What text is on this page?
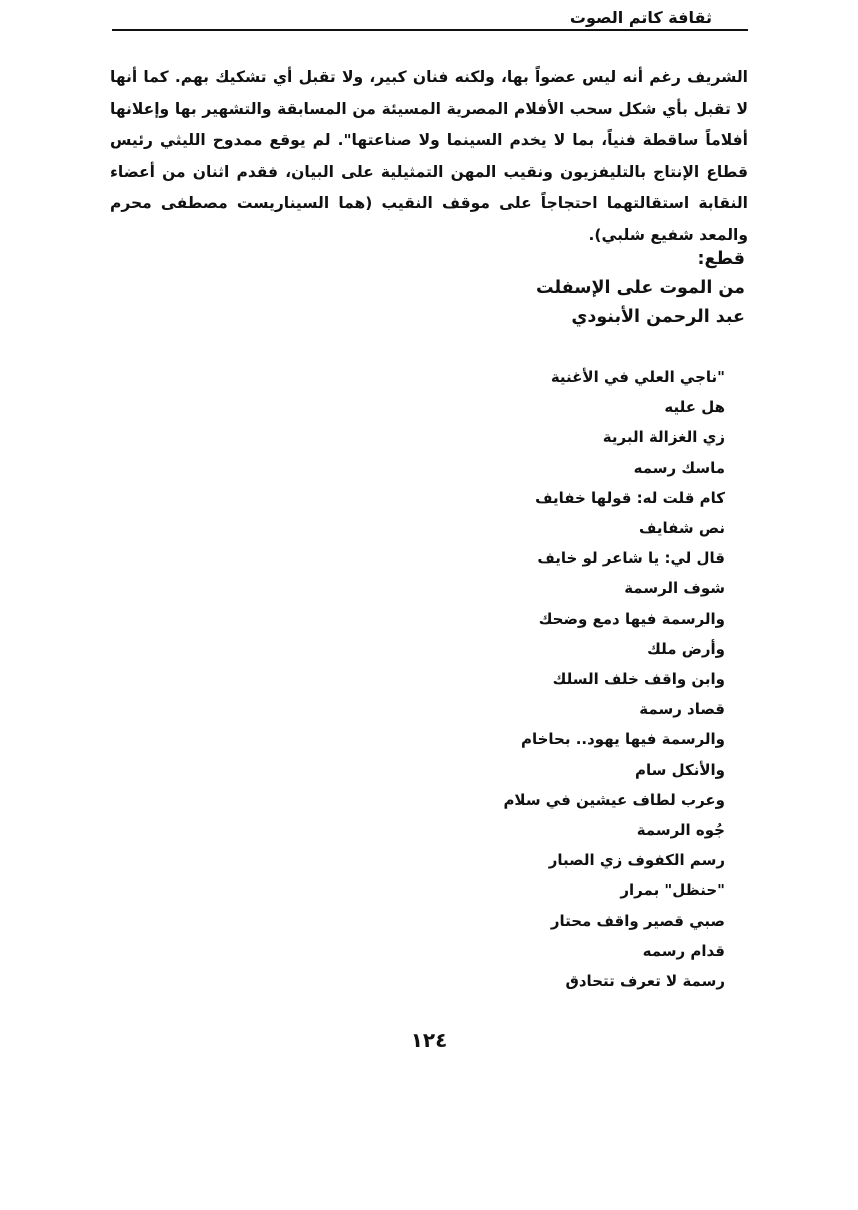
ثقافة كاتم الصوت

الشريف رغم أنه ليس عضواً بها، ولكنه فنان كبير، ولا تقبل أي تشكيك بهم. كما أنها لا تقبل بأي شكل سحب الأفلام المصرية المسيئة من المسابقة والتشهير بها وإعلانها أفلاماً ساقطة فنياً، بما لا يخدم السينما ولا صناعتها". لم يوقع ممدوح الليثي رئيس قطاع الإنتاج بالتليفزيون ونقيب المهن التمثيلية على البيان، فقدم اثنان من أعضاء النقابة استقالتهما احتجاجاً على موقف النقيب (هما السيناريست مصطفى محرم والمعد شفيع شلبي).

قطع:
من الموت على الإسفلت
عبد الرحمن الأبنودي
"ناجي العلي في الأغنية
هل عليه
زي الغزالة البرية
ماسك رسمه
كام قلت له: قولها خفايف
نص شفايف
قال لي: يا شاعر لو خايف
شوف الرسمة
والرسمة فيها دمع وضحك
وأرض ملك
وابن واقف خلف السلك
قصاد رسمة
والرسمة فيها يهود.. بحاخام
والأنكل سام
وعرب لطاف عيشين في سلام
جُوه الرسمة
رسم الكفوف زي الصبار
"حنظل" بمرار
صبي قصير واقف محتار
قدام رسمه
رسمة لا تعرف تتحادق
١٢٤
